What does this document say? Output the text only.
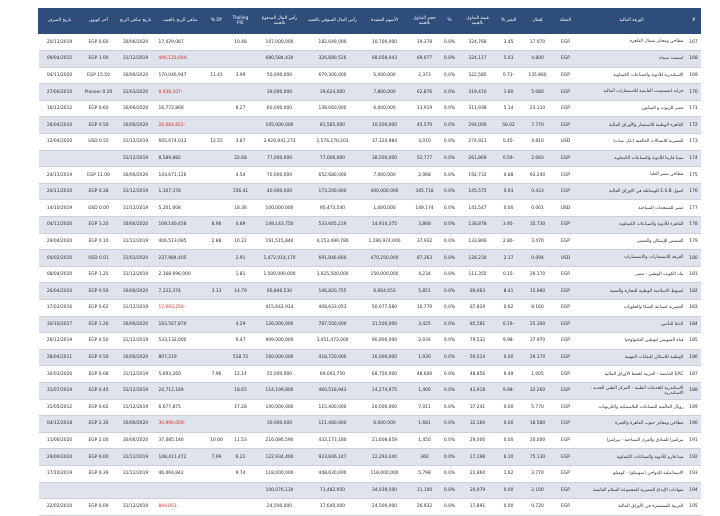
#	الورقة المالية	العملة	إقفال	التغير %	قيمة التداول بالجنيه	%	حجم التداول بالجنيه	الأسهم المقيدة	رأس المال السوقي بالجنيه	رأس المال المدفوع بالجنيه	Trailing P/E	DY %	صافي الربح بالجنيه	تاريخ صافي الربح	آخر كوبون	تاريخ الصرف
167	مطاحن ومخابز شمال القاهرة	EGP	17.070	3.45	324,768	0.0%	19,378	10,700,000	182,649,000	107,000,000	10.48		17,429,087	30/06/2020	EGP 0.60	20/11/2019
168	اسمنت سيناء	EGP	4.800	5.03	324,117	0.0%	69,077	68,058,443	326,680,526	680,584,430			-446,125,604	31/12/2019	EGP 1.00	09/04/2015
169	الاسكندرية للأدوية والصناعات الكيماوية	EGP	135.860	-0.73	322,585	0.0%	2,373	5,000,000	679,300,000	50,000,000	3.99	11.41	170,046,947	30/06/2020	EGP 15.50	04/11/2020
170	جراند انفستمنت القابضة للاستثمارات المالية	EGP	5.080	1.60	319,410	0.0%	62,876	7,800,000	39,624,000	39,000,000			-8,938,107	31/03/2020	Pioneer 0.20	27/06/2010
171	مصر للزيوت و الصابون	EGP	23.110	5.14	311,938	0.0%	13,919	6,000,000	138,660,000	60,000,000	8.27		16,772,866	30/06/2020	EGP 0.60	16/12/2012
172	القاهرة الوطنية للاستثمار والأوراق المالية	EGP	7.770	56.02	294,000	0.0%	45,570	10,500,000	81,585,000	105,000,000			-26,084,822	30/06/2020	EGP 0.50	26/04/2010
173	العصرية للاتصالات العالمية (نايل سات)	USD	4.810	-0.45	274,921	0.0%	4,010	37,324,984	2,576,270,203	2,920,941,273	3.87	12.55	665,674,013	31/12/2019	USD 0.55	12/04/2020
174	سينا فارما للأدوية والصناعات الكيماوية	EGP	2.060	-0.59	261,869	0.0%	52,777	38,500,000	77,000,000	77,000,000	22.68		8,589,882	31/12/2019		
175	مطاحن مصر العليا	EGP	93.240	0.88	192,732	0.0%	2,068	7,000,000	652,680,000	70,000,000	4.54		143,671,126	30/06/2020	EGP 11.00	24/11/2019
176	اصول E.S.B للوساطة في الاوراق المالية	EGP	0.433	0.93	145,575	0.0%	345,718	400,000,000	173,200,000	40,000,000	156.41		1,107,378	31/12/2019	EGP 0.38	24/11/2010
177	مصر للمنتجعات السياحية	USD	0.061	0.00	141,547	0.0%	149,174	1,000,000	95,473,540	100,000,000	18.36		5,201,008	31/12/2019	USD 0.00	14/10/2019
178	القاهرة للأدوية والصناعات الكيماوية	EGP	35.730	-3.95	138,878	0.0%	3,868	14,914,375	533,605,219	149,143,750	4.89	8.96	109,140,458	30/06/2020	EGP 3.20	04/11/2020
179	الشمس للإسكان والتعمير	EGP	3.470	-2.80	133,866	0.0%	37,932	1,196,974,000	4,153,499,780	191,515,840	10.22	2.88	406,513,085	31/12/2019	EGP 0.10	29/04/2020
180	العرفة للاستثمارات والاستشارات	USD	0.094	2.17	128,230	0.0%	87,363	470,250,000	691,846,660	1,472,014,170	2.91		237,984,405	31/03/2020	USD 0.01	04/02/2016
181	بنك الكويت الوطني - مصر	EGP	26.170	-0.15	111,355	0.0%	4,234	150,000,000	3,925,500,000	1,500,000,000	1.81		2,168,696,000	31/12/2019	EGP 1.25	08/04/2020
182	اسيوط الاسلامية الوطنية للتجارة والتنمية	EGP	15.980	8.41	89,063	0.0%	5,851	6,664,653	106,820,755	66,846,530	14.79	3.13	7,222,374	30/06/2020	EGP 0.50	26/04/2020
183	العصرية لصناعة الشكا والحلويات	EGP	8.160	0.62	87,829	0.0%	10,770	50,077,580	408,633,053	415,643,914			-17,003,256	31/12/2019	EGP 0.62	17/03/2016
184	الدلتا للتأمين	EGP	25.300	-0.19	85,581	0.0%	3,425	31,500,000	787,500,000	126,000,000	4.29		183,567,870	30/06/2020	EGP 1.20	30/10/2017
185	قناة السويس لتوطين التكنولوجيا	EGP	37.970	-9.98	79,532	0.0%	2,034	90,900,000	3,451,473,000	909,000,000	6.47		533,132,000	31/12/2019	EGP 0.50	26/12/2019
186	الوطنية للاسكان للنقابات المهنية	EGP	26.170	0.00	50,514	0.0%	1,930	16,000,000	418,720,000	160,000,000	518.72		807,219	30/06/2020	EGP 0.50	28/04/2011
187	EAC القابضة - العربية لحفظ الأوراق المالية	EGP	1.005	6.49	48,856	0.0%	48,600	68,750,000	69,093,750	55,000,000	12.14	7.96	5,693,260	31/12/2019	EGP 0.08	30/03/2020
188	الاسكندرية للخدمات الطبية - المركز الطبي الجديد - الاسكندرية	EGP	32.260	-9.98	43,918	0.0%	1,400	14,274,975	460,518,943	114,199,800	18.65		24,712,189	31/12/2019	EGP 0.40	31/07/2019
189	رويال العالمية للصناعات البلاستيكية والكرتونات	EGP	5.770	0.00	37,241	0.0%	7,011	20,000,000	115,400,000	100,000,000	17.28		6,677,875	31/12/2019	EGP 0.02	31/05/2012
190	مطاحن ومخابز جنوب القاهرة والجيزة	EGP	18.580	0.00	32,160	0.0%	1,681	6,000,000	111,480,000	30,000,000			-30,996,000	30/06/2020	EGP 2.30	04/12/2018
191	بيراميزا للفنادق والقرى السياحية - بيراميزا	EGP	20.000	0.00	29,000	0.0%	1,450	21,608,659	432,173,180	216,086,590	11.53	10.00	37,485,146	30/06/2020	EGP 2.00	11/06/2020
192	مينا فارم للأدوية والصناعات الكيماوية	EGP	75.130	6.10	27,198	0.0%	360	12,293,440	923,606,147	122,934,400	6.22	7.99	148,411,472	31/12/2019	EGP 6.00	29/06/2020
193	الاسماعيلية للدواجن (سونيكو) - كومبلو	EGP	3.770	1.62	21,860	0.0%	5,798	118,000,000	448,630,000	118,000,000	9.74		46,066,942	31/12/2019	EGP 0.39	17/10/2019
194	شهادات الإيداع المصرية للمجموعة السلام القابضة	EGP	2.100	0.00	20,979	0.0%	11,100	34,039,500	71,482,950	100,076,130						
195	العربية للسمسرة في الأوراق المالية	EGP	0.720	0.00	17,891	0.0%	26,932	24,500,000	17,640,000	24,500,000			-844,051	31/12/2019	EGP 0.09	22/02/2010
